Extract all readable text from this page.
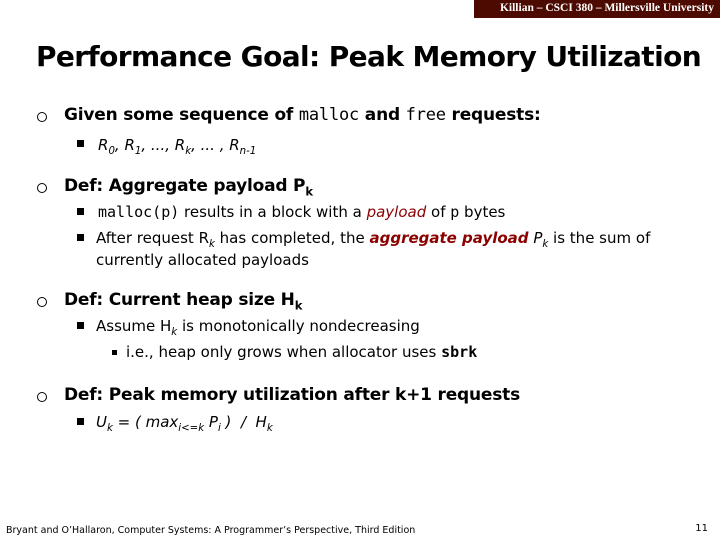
Killian – CSCI 380 – Millersville University
Performance Goal: Peak Memory Utilization
Given some sequence of malloc and free requests:
$R_0$, $R_1$, ..., $R_k$, ... , $R_{n-1}$
Def: Aggregate payload $P_k$
malloc(p) results in a block with a payload of p bytes
After request $R_k$ has completed, the aggregate payload $P_k$ is the sum of
currently allocated payloads
Def: Current heap size $H_k$
Assume $H_k$ is monotonically nondecreasing
i.e., heap only grows when allocator uses sbrk
Def: Peak memory utilization after k+1 requests
$U_k$ = ( $\max_{i<=k} P_i$ )  /  $H_k$
Bryant and O’Hallaron, Computer Systems: A Programmer’s Perspective, Third Edition	11
